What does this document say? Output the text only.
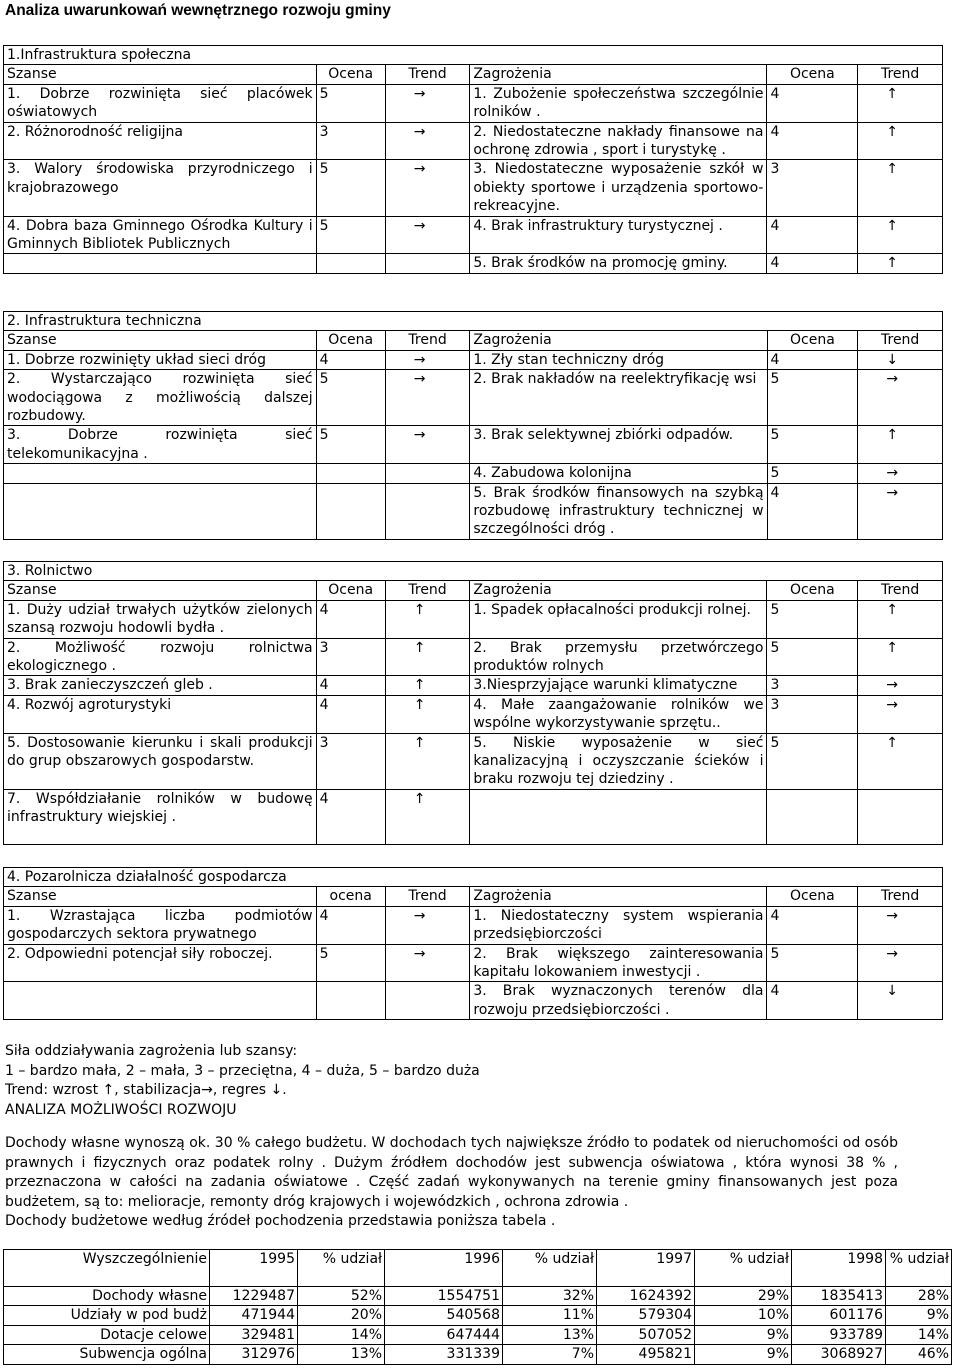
Analiza uwarunkowań wewnętrznego rozwoju gminy
1.Infrastruktura społeczna					
Szanse	Ocena	Trend	Zagrożenia	Ocena	Trend
1. Dobrze rozwinięta sieć placówek oświatowych	5	→	1. Zubożenie społeczeństwa szczególnie rolników .	4	↑
2. Różnorodność religijna	3	→	2. Niedostateczne nakłady finansowe na ochronę zdrowia , sport i turystykę .	4	↑
3. Walory środowiska przyrodniczego i krajobrazowego	5	→	3. Niedostateczne wyposażenie szkół w obiekty sportowe i urządzenia sportowo-rekreacyjne.	3	↑
4. Dobra baza Gminnego Ośrodka Kultury i Gminnych Bibliotek Publicznych	5	→	4. Brak infrastruktury turystycznej .	4	↑
			5. Brak środków na promocję gminy.	4	↑
2. Infrastruktura techniczna					
Szanse	Ocena	Trend	Zagrożenia	Ocena	Trend
1. Dobrze rozwinięty układ sieci dróg	4	→	1. Zły stan techniczny dróg	4	↓
2. Wystarczająco rozwinięta sieć wodociągowa z możliwością dalszej rozbudowy.	5	→	2. Brak nakładów na reelektryfikację wsi	5	→
3. Dobrze rozwinięta sieć telekomunikacyjna .	5	→	3. Brak selektywnej zbiórki odpadów.	5	↑
			4. Zabudowa kolonijna	5	→
			5. Brak środków finansowych na szybką rozbudowę infrastruktury technicznej w szczególności dróg .	4	→
3. Rolnictwo					
Szanse	Ocena	Trend	Zagrożenia	Ocena	Trend
1. Duży udział trwałych użytków zielonych szansą rozwoju hodowli bydła .	4	↑	1. Spadek opłacalności produkcji rolnej.	5	↑
2. Możliwość rozwoju rolnictwa ekologicznego .	3	↑	2. Brak przemysłu przetwórczego produktów rolnych	5	↑
3. Brak zanieczyszczeń gleb .	4	↑	3.Niesprzyjające warunki klimatyczne	3	→
4. Rozwój agroturystyki	4	↑	4. Małe zaangażowanie rolników we wspólne wykorzystywanie sprzętu..	3	→
5. Dostosowanie kierunku i skali produkcji do grup obszarowych gospodarstw.	3	↑	5. Niskie wyposażenie w sieć kanalizacyjną i oczyszczanie ścieków i braku rozwoju tej dziedziny .	5	↑
7. Współdziałanie rolników w budowę infrastruktury wiejskiej .	4	↑			
4. Pozarolnicza działalność gospodarcza					
Szanse	ocena	Trend	Zagrożenia	Ocena	Trend
1. Wzrastająca liczba podmiotów gospodarczych sektora prywatnego	4	→	1. Niedostateczny system wspierania przedsiębiorczości	4	→
2. Odpowiedni potencjał siły roboczej.	5	→	2. Brak większego zainteresowania kapitału lokowaniem inwestycji .	5	→
			3. Brak wyznaczonych terenów dla rozwoju przedsiębiorczości .	4	↓
Siła oddziaływania zagrożenia lub szansy:
1 – bardzo mała, 2 – mała, 3 – przeciętna, 4 – duża, 5 – bardzo duża
Trend: wzrost ↑, stabilizacja→, regres ↓.
ANALIZA MOŻLIWOŚCI ROZWOJU
Dochody własne wynoszą ok. 30 % całego budżetu. W dochodach tych największe źródło to podatek od nieruchomości od osób prawnych i fizycznych oraz podatek rolny . Dużym źródłem dochodów jest subwencja oświatowa , która wynosi 38 % , przeznaczona w całości na zadania oświatowe . Część zadań wykonywanych na terenie gminy finansowanych jest poza budżetem, są to: melioracje, remonty dróg krajowych i wojewódzkich , ochrona zdrowia .
Dochody budżetowe według źródeł pochodzenia przedstawia poniższa tabela .
Wyszczególnienie	1995	% udział	1996	% udział	1997	% udział	1998	% udział
Dochody własne	1229487	52%	1554751	32%	1624392	29%	1835413	28%
Udziały w pod budż	471944	20%	540568	11%	579304	10%	601176	9%
Dotacje celowe	329481	14%	647444	13%	507052	9%	933789	14%
Subwencja ogólna	312976	13%	331339	7%	495821	9%	3068927	46%
